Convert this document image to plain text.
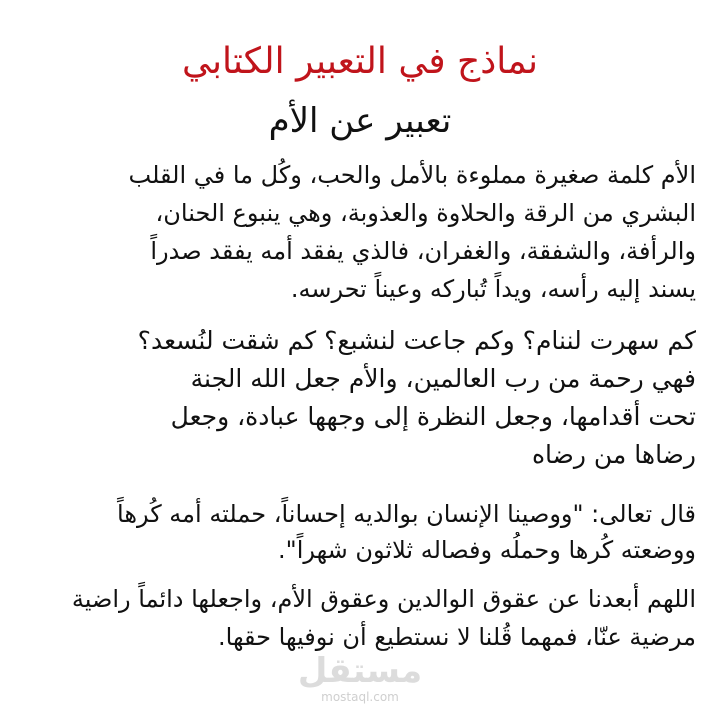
نماذج في التعبير الكتابي
تعبير عن الأم

الأم كلمة صغيرة مملوءة بالأمل والحب، وكُل ما في القلب
البشري من الرقة والحلاوة والعذوبة، وهي ينبوع الحنان،
والرأفة، والشفقة، والغفران، فالذي يفقد أمه يفقد صدراً
يسند إليه رأسه، ويداً تُباركه وعيناً تحرسه.

كم سهرت لننام؟ وكم جاعت لنشبع؟ كم شقت لنُسعد؟
فهي رحمة من رب العالمين، والأم جعل الله الجنة
تحت أقدامها، وجعل النظرة إلى وجهها عبادة، وجعل
رضاها من رضاه

قال تعالى: "ووصينا الإنسان بوالديه إحساناً، حملته أمه كُرهاً
ووضعته كُرها وحملُه وفصاله ثلاثون شهراً".

اللهم أبعدنا عن عقوق الوالدين وعقوق الأم، واجعلها دائماً راضية
مرضية عنّا، فمهما قُلنا لا نستطيع أن نوفيها حقها.

مستقل
mostaql.com
